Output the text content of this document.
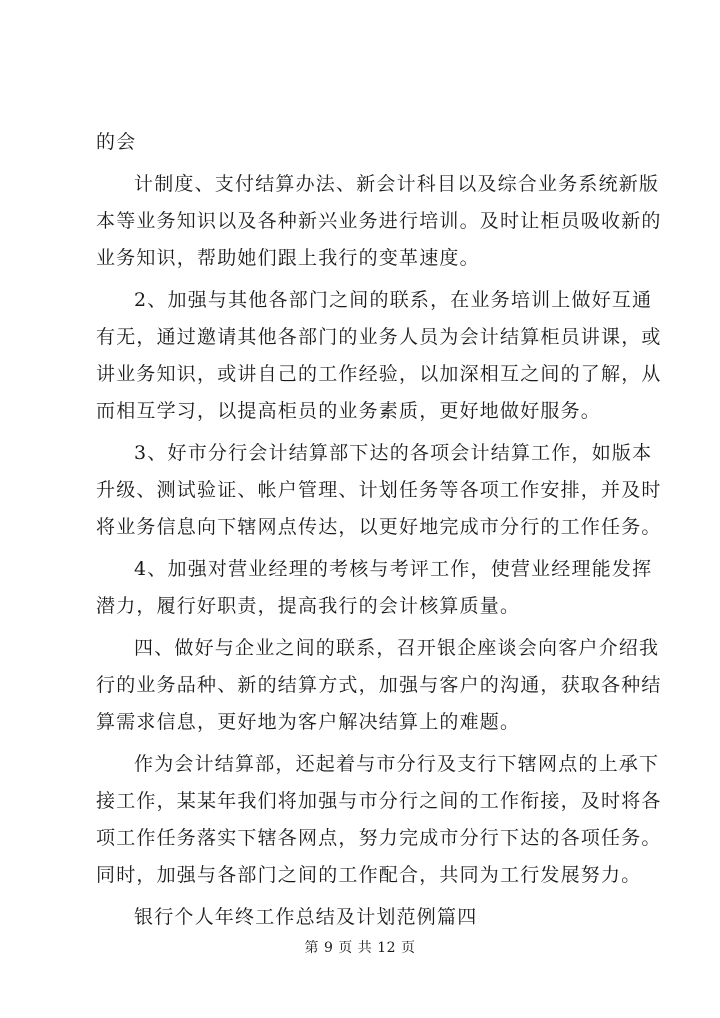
的会

计制度、支付结算办法、新会计科目以及综合业务系统新版
本等业务知识以及各种新兴业务进行培训。及时让柜员吸收新的
业务知识，帮助她们跟上我行的变革速度。

2、加强与其他各部门之间的联系，在业务培训上做好互通
有无，通过邀请其他各部门的业务人员为会计结算柜员讲课，或
讲业务知识，或讲自己的工作经验，以加深相互之间的了解，从
而相互学习，以提高柜员的业务素质，更好地做好服务。

3、好市分行会计结算部下达的各项会计结算工作，如版本
升级、测试验证、帐户管理、计划任务等各项工作安排，并及时
将业务信息向下辖网点传达，以更好地完成市分行的工作任务。

4、加强对营业经理的考核与考评工作，使营业经理能发挥
潜力，履行好职责，提高我行的会计核算质量。

四、做好与企业之间的联系，召开银企座谈会向客户介绍我
行的业务品种、新的结算方式，加强与客户的沟通，获取各种结
算需求信息，更好地为客户解决结算上的难题。

作为会计结算部，还起着与市分行及支行下辖网点的上承下
接工作，某某年我们将加强与市分行之间的工作衔接，及时将各
项工作任务落实下辖各网点，努力完成市分行下达的各项任务。
同时，加强与各部门之间的工作配合，共同为工行发展努力。

银行个人年终工作总结及计划范例篇四

第 9 页 共 12 页
